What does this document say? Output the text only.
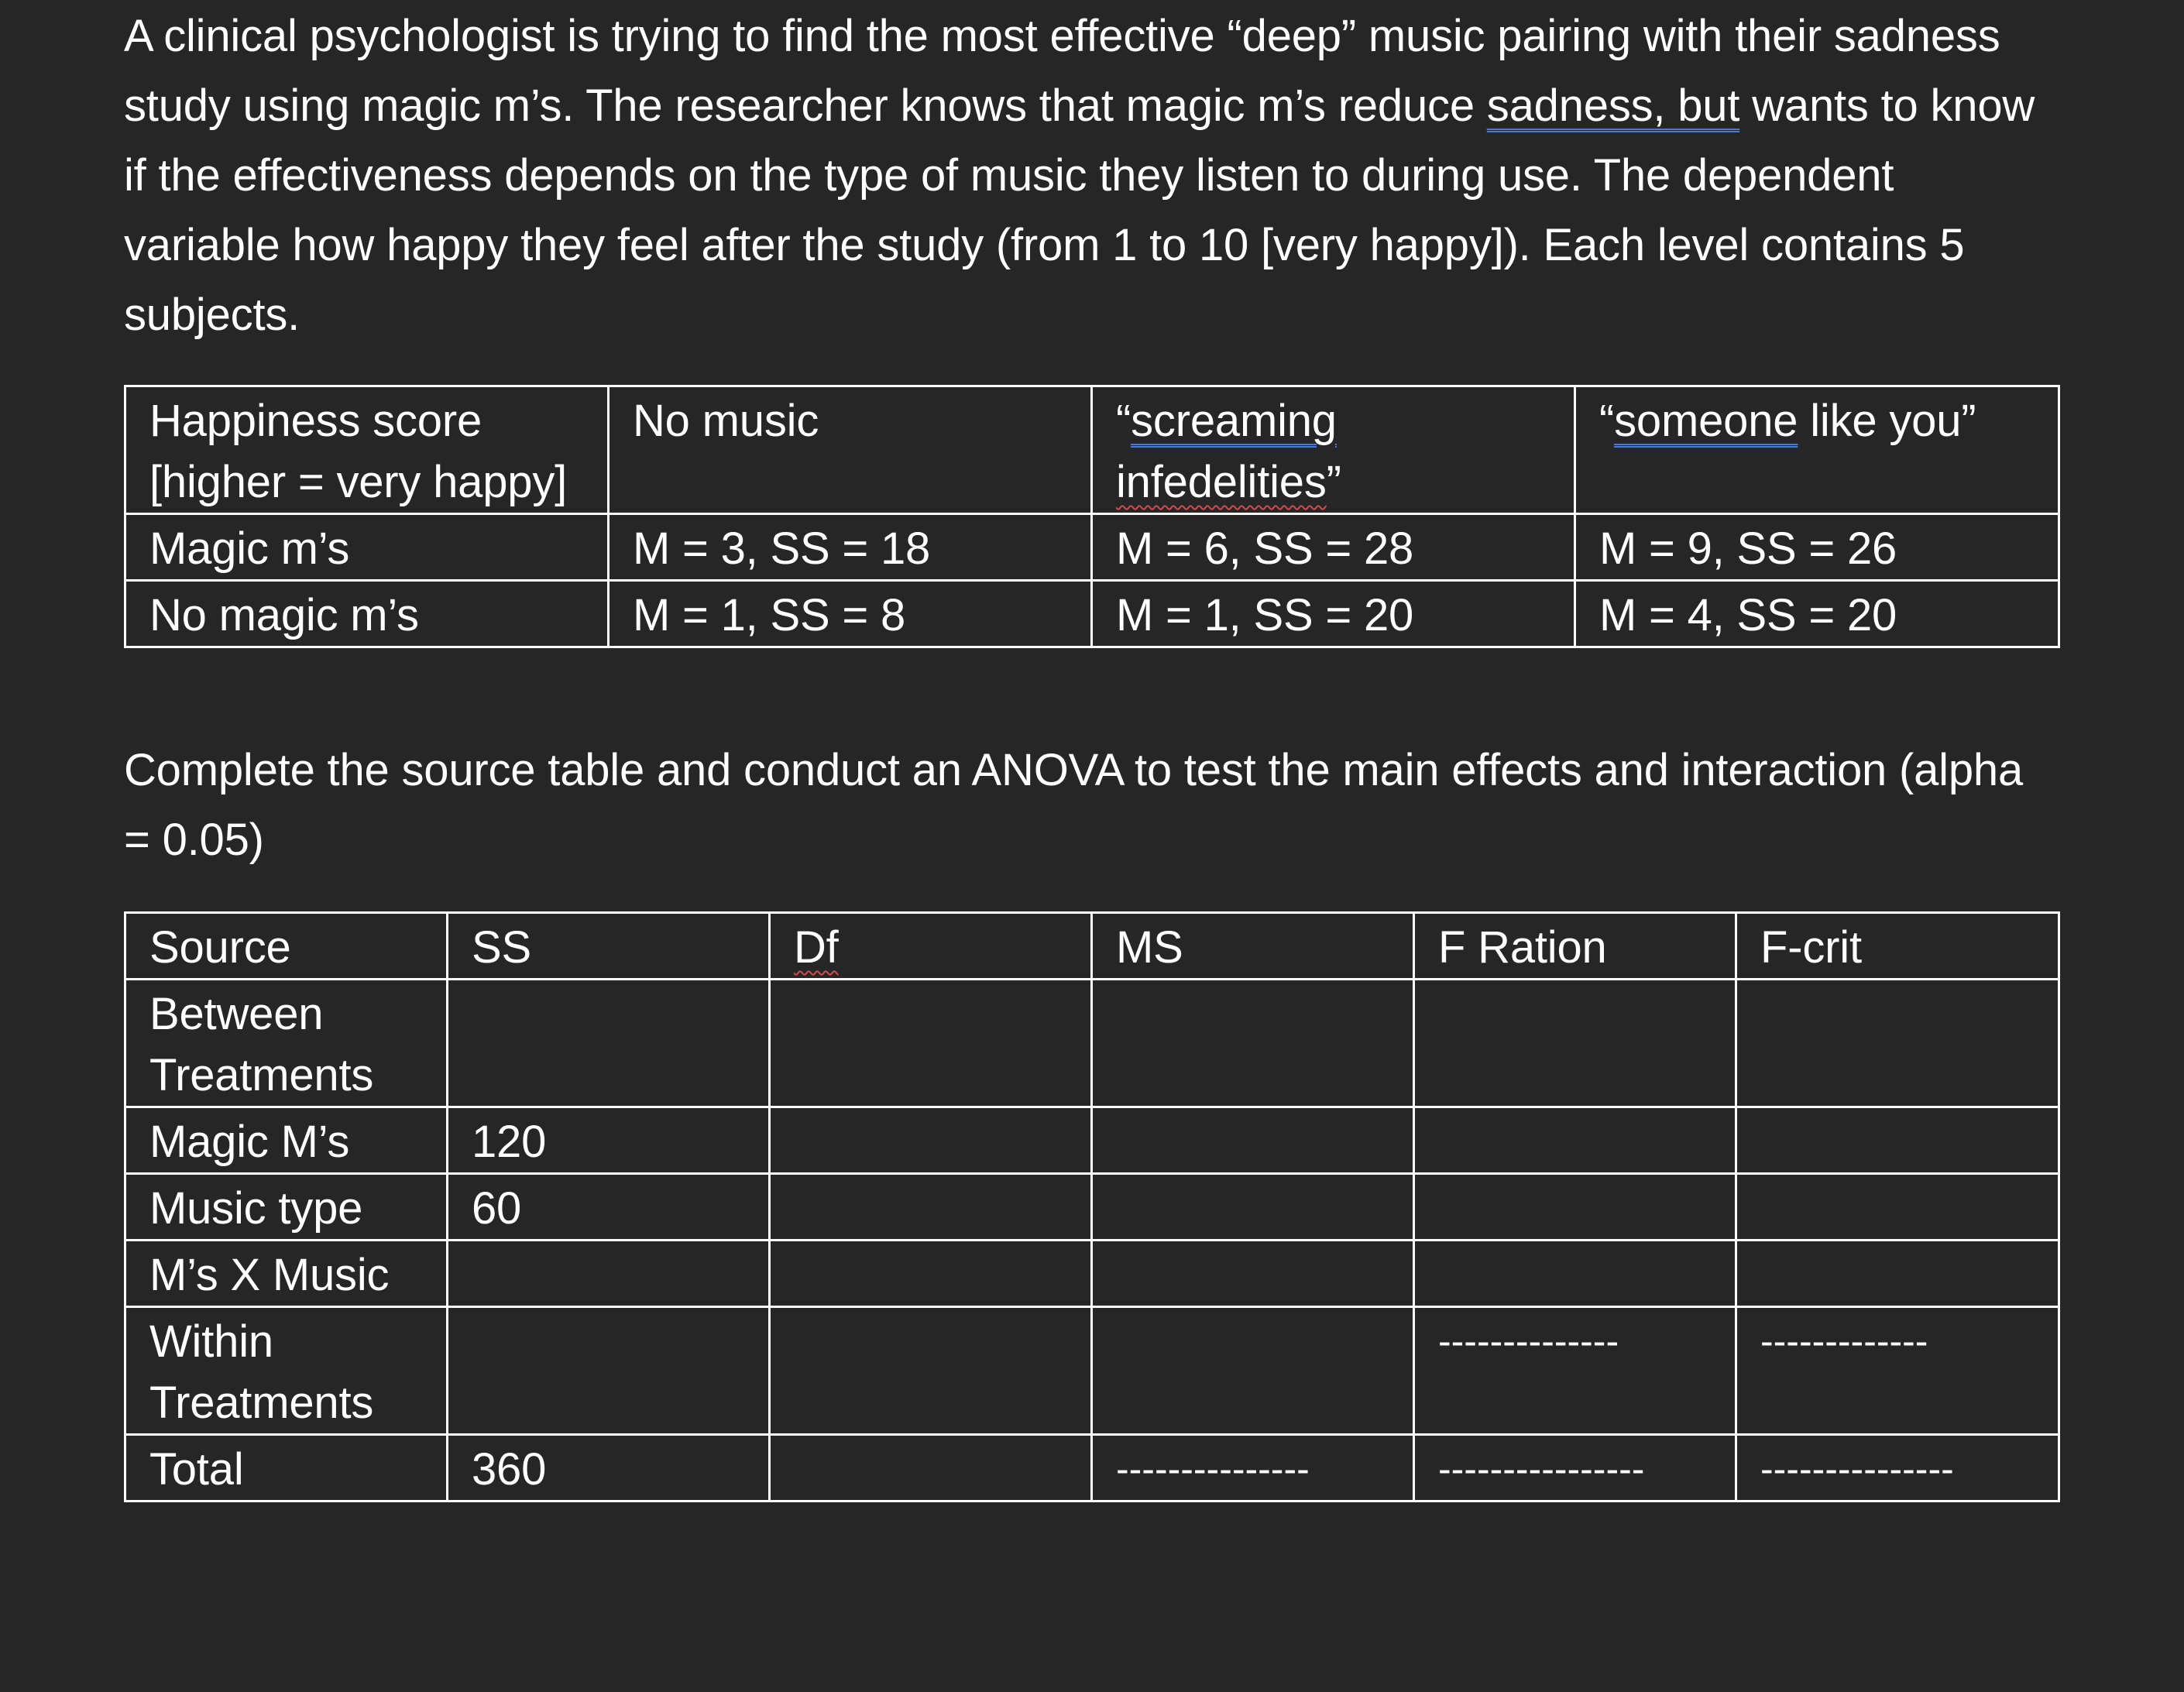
A clinical psychologist is trying to find the most effective “deep” music pairing with their sadness study using magic m’s. The researcher knows that magic m’s reduce sadness, but wants to know if the effectiveness depends on the type of music they listen to during use. The dependent variable how happy they feel after the study (from 1 to 10 [very happy]). Each level contains 5 subjects.

Happiness score [higher = very happy]	No music	“screaming infedelities”	“someone like you”
Magic m’s	M = 3, SS = 18	M = 6, SS = 28	M = 9, SS = 26
No magic m’s	M = 1, SS = 8	M = 1, SS = 20	M = 4, SS = 20

Complete the source table and conduct an ANOVA to test the main effects and interaction (alpha = 0.05)

Source	SS	Df	MS	F Ration	F-crit
Between Treatments					
Magic M’s	120				
Music type	60				
M’s X Music					
Within Treatments				--------------	-------------

Total	360		---------------	----------------	---------------
